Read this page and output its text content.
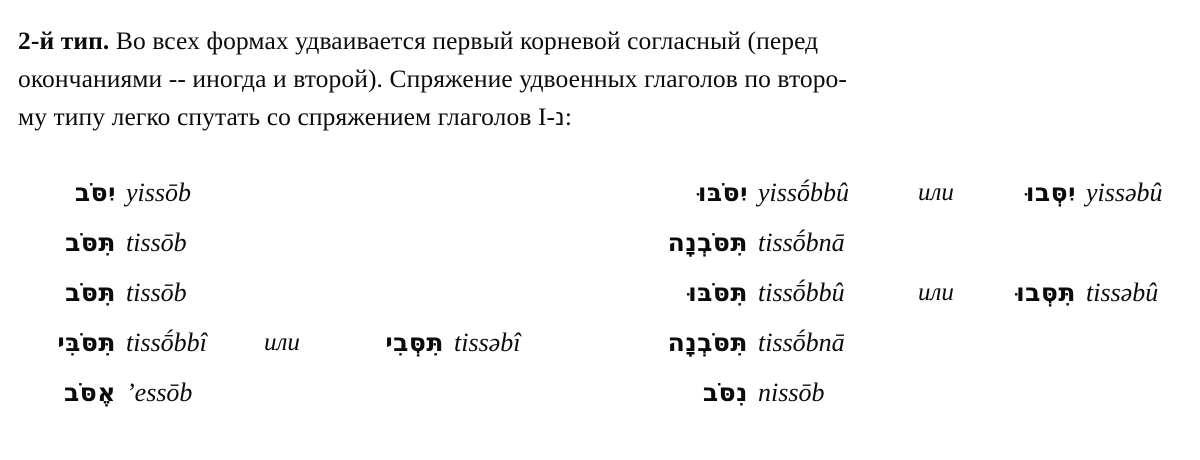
2-й тип. Во всех формах удваивается первый корневой согласный (перед
окончаниями -- иногда и второй). Спряжение удвоенных глаголов по второ-
му типу легко спутать со спряжением глаголов I-נ:
יִסֹּב yissōb	יִסֹּבּוּ yissṓbbû	или	יִסְּבוּ yissəbû
תִּסֹּב tissōb	תִּסֹּבְנָה tissṓbnā
תִּסֹּב tissōb	תִּסֹּבּוּ tissṓbbû	или	תִּסְּבוּ tissəbû
תִּסֹּבִּי tissṓbbî или	תִּסְּבִי tissəbî	תִּסֹּבְנָה tissṓbnā
אֶסֹּב ’essōb	נִסֹּב nissōb
